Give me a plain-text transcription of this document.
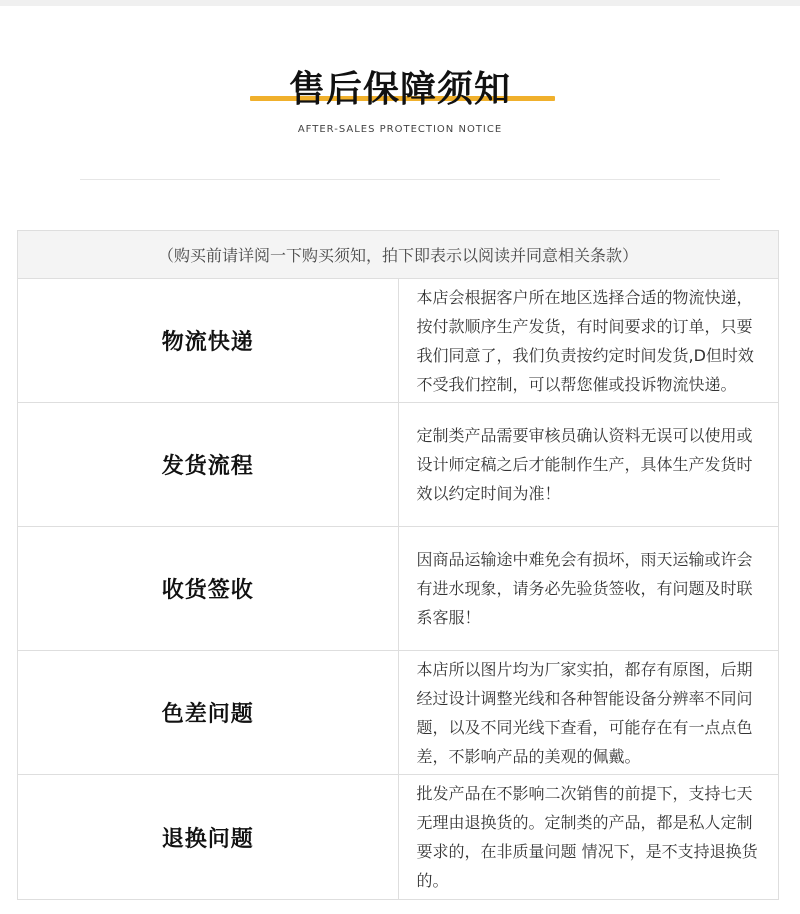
售后保障须知
AFTER-SALES PROTECTION NOTICE
（购买前请详阅一下购买须知，拍下即表示以阅读并同意相关条款）	
物流快递	本店会根据客户所在地区选择合适的物流快递，按付款顺序生产发货，有时间要求的订单，只要我们同意了，我们负责按约定时间发货,D但时效不受我们控制，可以帮您催或投诉物流快递。
发货流程	定制类产品需要审核员确认资料无误可以使用或设计师定稿之后才能制作生产，具体生产发货时效以约定时间为准！
收货签收	因商品运输途中难免会有损坏，雨天运输或许会有进水现象，请务必先验货签收，有问题及时联系客服！
色差问题	本店所以图片均为厂家实拍，都存有原图，后期经过设计调整光线和各种智能设备分辨率不同问题，以及不同光线下查看，可能存在有一点点色差，不影响产品的美观的佩戴。
退换问题	批发产品在不影响二次销售的前提下，支持七天无理由退换货的。定制类的产品，都是私人定制要求的，在非质量问题 情况下，是不支持退换货的。
